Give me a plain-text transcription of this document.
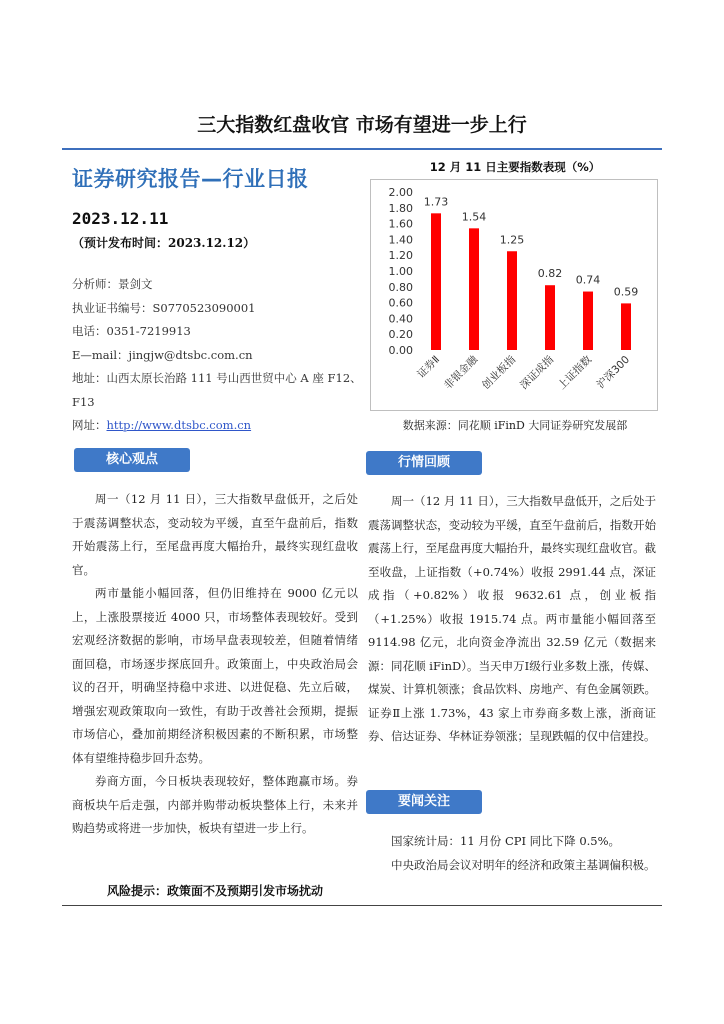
三大指数红盘收官 市场有望进一步上行
证券研究报告—行业日报
2023.12.11
（预计发布时间：2023.12.12）
分析师：景剑文
执业证书编号：S0770523090001
电话：0351-7219913
E—mail：jingjw@dtsbc.com.cn
地址：山西太原长治路 111 号山西世贸中心 A 座 F12、F13
网址：http://www.dtsbc.com.cn
12 月 11 日主要指数表现（%）
0.00
0.20
0.40
0.60
0.80
1.00
1.20
1.40
1.60
1.80
2.00
1.73
证券Ⅱ
1.54
非银金融
1.25
创业板指
0.82
深证成指
0.74
上证指数
0.59
沪深300
数据来源：同花顺 iFinD 大同证券研究发展部
核心观点

周一（12 月 11 日），三大指数早盘低开，之后处于震荡调整状态，变动较为平缓，直至午盘前后，指数开始震荡上行，至尾盘再度大幅抬升，最终实现红盘收官。

两市量能小幅回落，但仍旧维持在 9000 亿元以上，上涨股票接近 4000 只，市场整体表现较好。受到宏观经济数据的影响，市场早盘表现较差，但随着情绪面回稳，市场逐步探底回升。政策面上，中央政治局会议的召开，明确坚持稳中求进、以进促稳、先立后破，增强宏观政策取向一致性，有助于改善社会预期，提振市场信心，叠加前期经济积极因素的不断积累，市场整体有望维持稳步回升态势。

券商方面，今日板块表现较好，整体跑赢市场。券商板块午后走强，内部并购带动板块整体上行，未来并购趋势或将进一步加快，板块有望进一步上行。

风险提示：政策面不及预期引发市场扰动
行情回顾

周一（12 月 11 日），三大指数早盘低开，之后处于震荡调整状态，变动较为平缓，直至午盘前后，指数开始震荡上行，至尾盘再度大幅抬升，最终实现红盘收官。截至收盘，上证指数（+0.74%）收报 2991.44 点，深证成指（+0.82%）收报 9632.61 点，创业板指（+1.25%）收报 1915.74 点。两市量能小幅回落至 9114.98 亿元，北向资金净流出 32.59 亿元（数据来源：同花顺 iFinD）。当天申万Ⅰ级行业多数上涨，传媒、煤炭、计算机领涨；食品饮料、房地产、有色金属领跌。证券Ⅱ上涨 1.73%，43 家上市券商多数上涨，浙商证券、信达证券、华林证券领涨；呈现跌幅的仅中信建投。

要闻关注

国家统计局：11 月份 CPI 同比下降 0.5%。

中央政治局会议对明年的经济和政策主基调偏积极。
